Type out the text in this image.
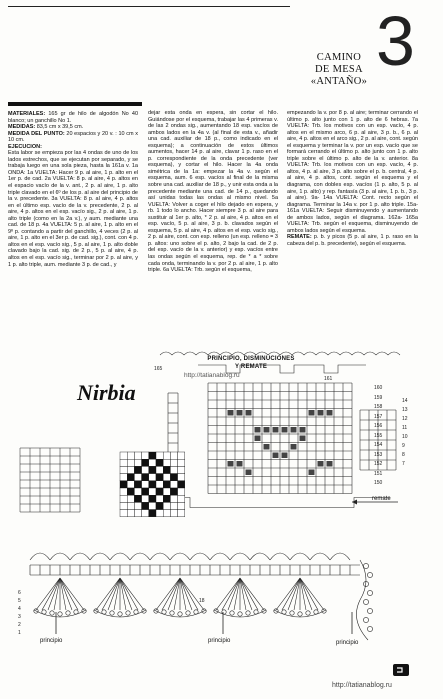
CAMINO
DE MESA
«ANTAÑO»
3

MATERIALES: 165 gr de hilo de algodón No 40 blanco; un ganchillo No 1.

MEDIDAS: 83,5 cm x 39,5 cm.

MEDIDA DEL PUNTO: 20 espacios y 20 v. : 10 cm x 10 cm.

EJECUCION:

Esta labor se empieza por las 4 ondas de uno de los lados estrechos, que se ejecutan por separado, y se trabaja luego en una sola pieza, hasta la 161a v. 1a ONDA: 1a VUELTA: Hacer 9 p. al aire, 1 p. alto en el 1er p. de cad. 2a VUELTA: 8 p. al aire, 4 p. altos en el espacio vacío de la v. ant., 2 p. al aire, 1 p. alto triple clavado en el 6º de los p. al aire del principio de la v. precedente. 3a VUELTA: 8 p. al aire, 4 p. altos en el último esp. vacío de la v. precedente, 2 p. al aire, 4 p. altos en el esp. vacío sig., 2 p. al aire, 1 p. alto triple (como en la 2a v.), y aum. mediante una cad. de 18 p. 4a VUELTA: 5 p. al aire, 1 p. alto en el 9º p. contando a partir del ganchillo, 4 veces (2 p. al aire, 1 p. alto en el 3er p. de cad. sig.), cont. con 4 p. altos en el esp. vacío sig., 5 p. al aire, 1 p. alto doble clavado bajo la cad. sig. de 2 p., 5 p. al aire, 4 p. altos en el esp. vacío sig., terminar por 2 p. al aire, y 1 p. alto triple, aum. mediante 3 p. de cad., y

dejar esta onda en espera, sin cortar el hilo. Guiándose por el esquema, trabajar las 4 primeras v. de las 2 ondas sig., aumentando 18 esp. vacíos de ambos lados en la 4a v. (al final de esta v., añadir una cad. auxiliar de 18 p., como indicado en el esquema); a continuación de estos últimos aumentos, hacer 14 p. al aire, clavar 1 p. raso en el p. correspondiente de la onda precedente (ver esquema), y cortar el hilo. Hacer la 4a onda simétrica de la 1a: empezar la 4a v. según el esquema, aum. 6 esp. vacíos al final de la misma sobre una cad. auxiliar de 18 p., y unir esta onda a la precedente mediante una cad. de 14 p., quedando así unidas todas las ondas al mismo nivel. 5a VUELTA: Volver a coger el hilo dejado en espera, y rb. 1 todo lo ancho. Hacer siempre 3 p. al aire para sustituir al 1er p. alto, * 2 p. al aire, 4 p. altos en el esp. vacío, 5 p. al aire, 3 p. b. clavados según el esquema, 5 p. al aire, 4 p. altos en el esp. vacío sig., 2 p. al aire, cont. con esp. relleno (un esp. relleno = 3 p. altos: uno sobre el p. alto, 2 bajo la cad. de 2 p. del esp. vacío de la v. anterior) y esp. vacíos entre las ondas según el esquema, rep. de * a * sobre cada onda, terminando la v. por 2 p. al aire, 1 p. alto triple. 6a VUELTA: Trb. según el esquema,

empezando la v. por 8 p. al aire; terminar cerrando el último p. alto junto con 1 p. alto de 6 hebras. 7a VUELTA: Trb. los motivos con un esp. vacío, 4 p. altos en el mismo arco, 6 p. al aire, 3 p. b., 6 p. al aire, 4 p. altos en el arco sig., 2 p. al aire, cont. según el esquema y terminar la v. por un esp. vacío que se formará cerrando el último p. alto junto con 1 p. alto triple sobre el último p. alto de la v. anterior. 8a VUELTA: Trb. los motivos con un esp. vacío, 4 p. altos, 4 p. al aire, 3 p. alto sobre el p. b. central, 4 p. al aire, 4 p. altos, cont. según el esquema y el diagrama, con dobles esp. vacíos (1 p. alto, 5 p. al aire, 1 p. alto) y rep. fantasía (3 p. al aire, 1 p. b., 3 p. al aire). 9a- 14a VUELTA: Cont. recto según el diagrama. Terminar la 14a v. por 1 p. alto triple. 15a- 161a VUELTA: Seguir disminuyendo y aumentando de ambos lados, según el diagrama. 162a- 165a VUELTA: Trb. según el esquema, disminuyendo de ambos lados según el esquema.

REMATE: p. b. y picos (5 p. al aire, 1 p. raso en la cabeza del p. b. precedente), según el esquema.

PRINCIPIO, DISMINUCIONES
Y REMATE
http://tatianablog.ru
Nirbia
remate
principio	principio	principio
165
161
160
159
158
157
156
155
154
153
152
151
150
6
5
4
3
2
1
14
13
12
11
10
9
8
7
18
http://tatianablog.ru
